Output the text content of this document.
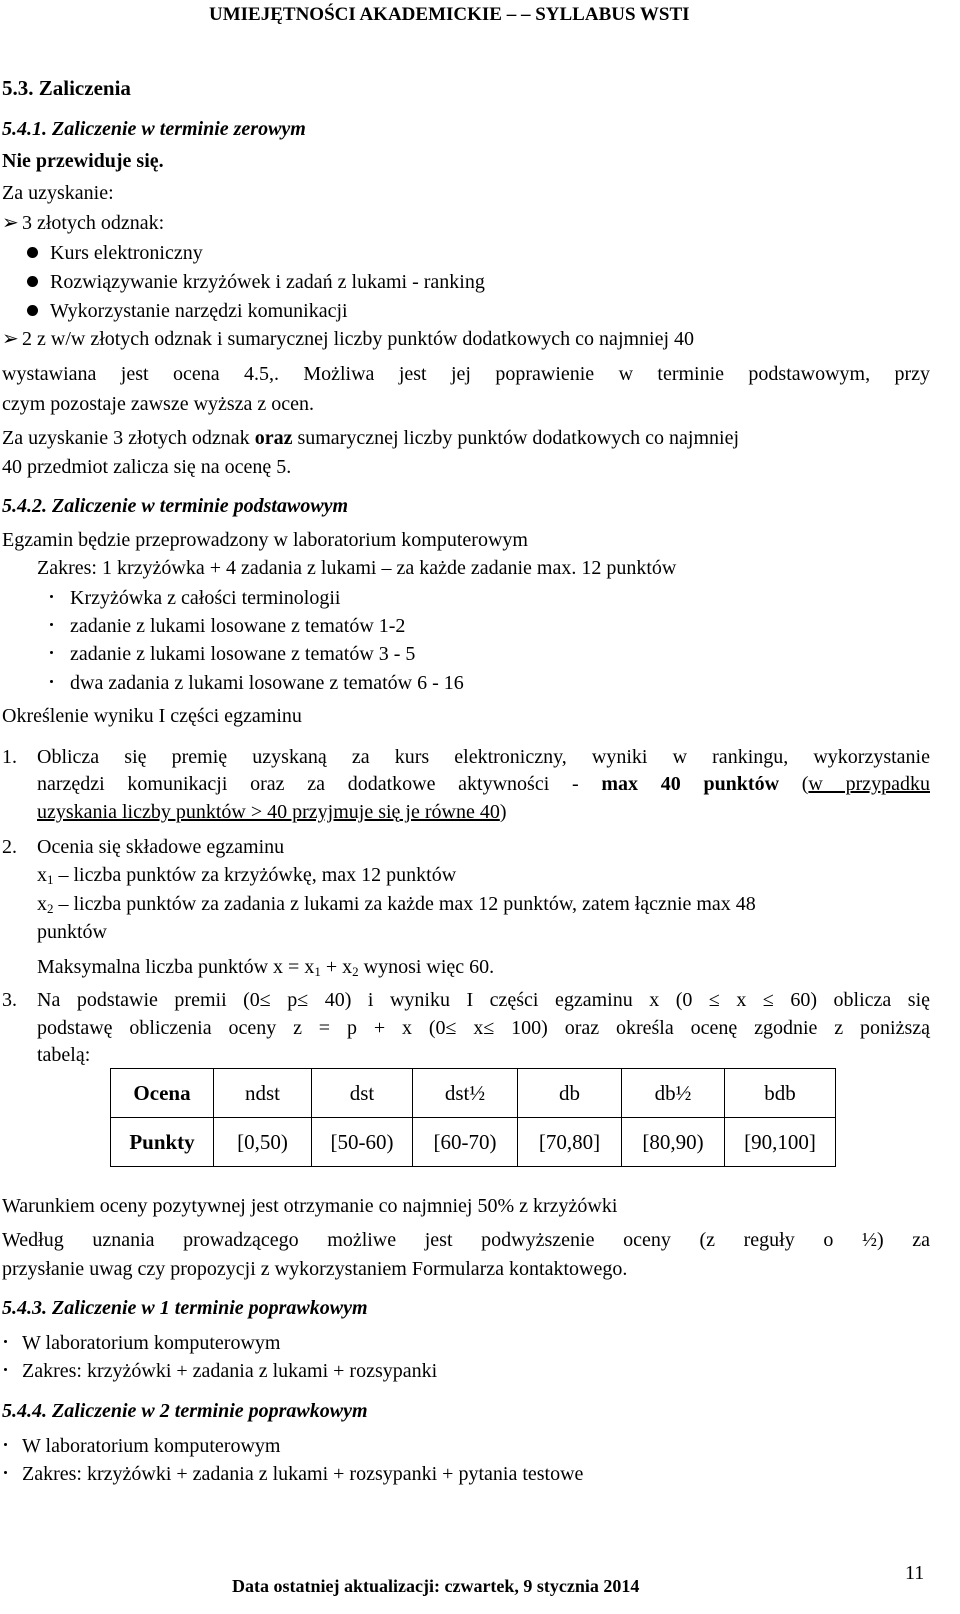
UMIEJĘTNOŚCI AKADEMICKIE – – SYLLABUS WSTI
5.3. Zaliczenia
5.4.1. Zaliczenie w terminie zerowym
Nie przewiduje się.
Za uzyskanie:
➢ 3 złotych odznak:
Kurs elektroniczny
Rozwiązywanie krzyżówek i zadań z lukami - ranking
Wykorzystanie narzędzi komunikacji
➢ 2 z w/w złotych odznak i sumarycznej liczby punktów dodatkowych co najmniej 40
wystawiana jest ocena 4.5,. Możliwa jest jej poprawienie w terminie podstawowym, przy
czym pozostaje zawsze wyższa z ocen.
Za uzyskanie 3 złotych odznak oraz sumarycznej liczby punktów dodatkowych co najmniej
40 przedmiot zalicza się na ocenę 5.
5.4.2. Zaliczenie w terminie podstawowym
Egzamin będzie przeprowadzony w laboratorium komputerowym
Zakres: 1 krzyżówka + 4 zadania z lukami – za każde zadanie max. 12 punktów
Krzyżówka z całości terminologii
zadanie z lukami losowane z tematów 1-2
zadanie z lukami losowane z tematów 3 - 5
dwa zadania z lukami losowane z tematów 6 - 16
Określenie wyniku I części egzaminu
1. Oblicza się premię uzyskaną za kurs elektroniczny, wyniki w rankingu, wykorzystanie
narzędzi komunikacji oraz za dodatkowe aktywności - max 40 punktów (w przypadku
uzyskania liczby punktów > 40 przyjmuje się je równe 40)
2. Ocenia się składowe egzaminu
$x_1$ – liczba punktów za krzyżówkę, max 12 punktów
$x_2$ – liczba punktów za zadania z lukami za każde max 12 punktów, zatem łącznie max 48
punktów
Maksymalna liczba punktów $x = x_1 + x_2$ wynosi więc 60.
3. Na podstawie premii (0≤ p≤ 40) i wyniku I części egzaminu x (0 ≤ x ≤ 60) oblicza się
podstawę obliczenia oceny z = p + x (0≤ x≤ 100) oraz określa ocenę zgodnie z poniższą
tabelą:
Ocena	ndst	dst	dst½	db	db½	bdb
Punkty	[0,50)	[50-60)	[60-70)	[70,80]	[80,90)	[90,100]
Warunkiem oceny pozytywnej jest otrzymanie co najmniej 50% z krzyżówki
Według uznania prowadzącego możliwe jest podwyższenie oceny (z reguły o ½) za
przysłanie uwag czy propozycji z wykorzystaniem Formularza kontaktowego.
5.4.3. Zaliczenie w 1 terminie poprawkowym
W laboratorium komputerowym
Zakres: krzyżówki + zadania z lukami + rozsypanki
5.4.4. Zaliczenie w 2 terminie poprawkowym
W laboratorium komputerowym
Zakres: krzyżówki + zadania z lukami + rozsypanki + pytania testowe
Data ostatniej aktualizacji: czwartek, 9 stycznia 2014
11
